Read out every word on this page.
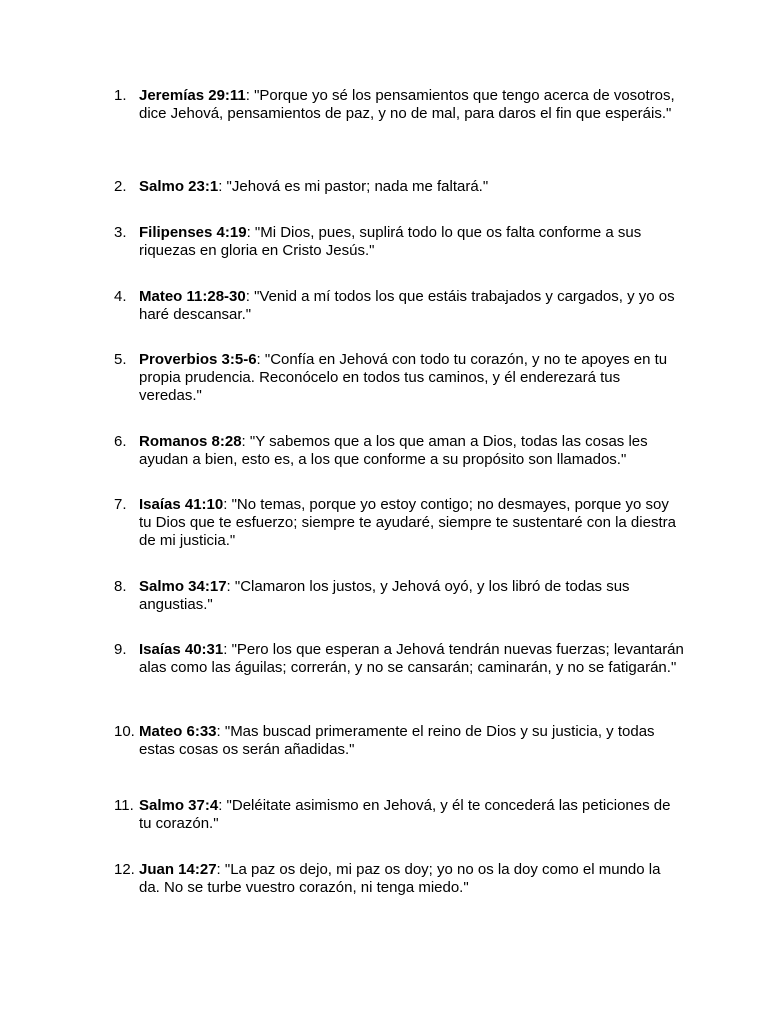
1. Jeremías 29:11: "Porque yo sé los pensamientos que tengo acerca de vosotros, dice Jehová, pensamientos de paz, y no de mal, para daros el fin que esperáis."
2. Salmo 23:1: "Jehová es mi pastor; nada me faltará."
3. Filipenses 4:19: "Mi Dios, pues, suplirá todo lo que os falta conforme a sus riquezas en gloria en Cristo Jesús."
4. Mateo 11:28-30: "Venid a mí todos los que estáis trabajados y cargados, y yo os haré descansar."
5. Proverbios 3:5-6: "Confía en Jehová con todo tu corazón, y no te apoyes en tu propia prudencia. Reconócelo en todos tus caminos, y él enderezará tus veredas."
6. Romanos 8:28: "Y sabemos que a los que aman a Dios, todas las cosas les ayudan a bien, esto es, a los que conforme a su propósito son llamados."
7. Isaías 41:10: "No temas, porque yo estoy contigo; no desmayes, porque yo soy tu Dios que te esfuerzo; siempre te ayudaré, siempre te sustentaré con la diestra de mi justicia."
8. Salmo 34:17: "Clamaron los justos, y Jehová oyó, y los libró de todas sus angustias."
9. Isaías 40:31: "Pero los que esperan a Jehová tendrán nuevas fuerzas; levantarán alas como las águilas; correrán, y no se cansarán; caminarán, y no se fatigarán."
10. Mateo 6:33: "Mas buscad primeramente el reino de Dios y su justicia, y todas estas cosas os serán añadidas."
11. Salmo 37:4: "Deléitate asimismo en Jehová, y él te concederá las peticiones de tu corazón."
12. Juan 14:27: "La paz os dejo, mi paz os doy; yo no os la doy como el mundo la da. No se turbe vuestro corazón, ni tenga miedo."
